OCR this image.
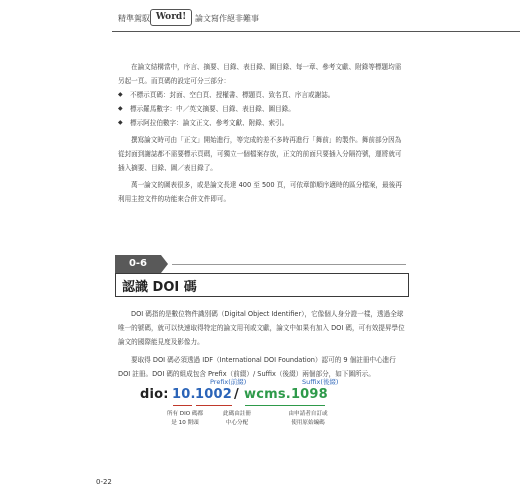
精準駕馭 Word!	論文寫作絕非難事

在論文結構當中，序言、摘要、目錄、表目錄、圖目錄、每一章、參考文獻、附錄等標題均需另起一頁。而頁碼的設定可分三部分：

◆ 不標示頁碼：封面、空白頁、授權書、標題頁、致名頁、序言或謝誌。

◆ 標示羅馬數字：中／英文摘要、目錄、表目錄、圖目錄。

◆ 標示阿拉伯數字：論文正文、參考文獻、附錄、索引。

撰寫論文時可由「正文」開始進行，等完成的差不多時再進行「舞前」的製作。舞前部分因為從封面到謝誌都不需要標示頁碼，可獨立一個檔案存放，正文的前面只要插入分隔符號，運將就可插入摘要、目錄、圖／表目錄了。

萬一論文的圖表很多，或是論文長達 400 至 500 頁，可依章節順序適時的區分檔案，最後再利用主控文件的功能來合併文件即可。

0-6
認識 DOI 碼

DOI 碼指的是數位物件識別碼（Digital Object Identifier），它像個人身分證一樣，透過全球唯一的號碼，就可以快速取得特定的論文用刊或文獻，論文中如果有加入 DOI 碼，可有效提昇學位論文的國際能見度及影像力。

要取得 DOI 碼必須透過 IDF（International DOI Foundation）認可的 9 個註冊中心進行 DOI 註冊。DOI 碼的組成包含 Prefix（前綴）/ Suffix（後綴）兩個部分，如下圖所示。

Prefix(前綴)	Suffix(後綴)
dio: 10. 1002 / wcms.1098
所有 DIO 碼都
是 10 開頭
此碼由註冊
中心分配
由申請者自訂或
使用原始編碼
0-22
